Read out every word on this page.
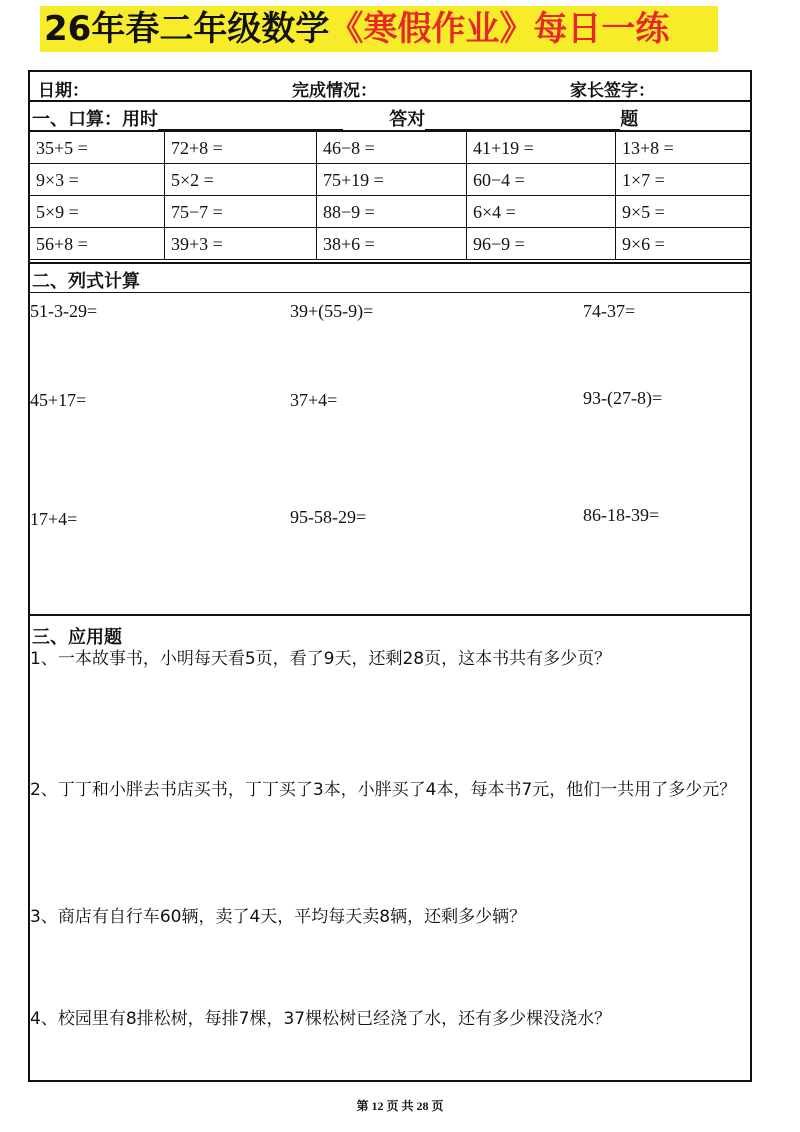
26年春二年级数学 《寒假作业》 每日一练
日期：	完成情况：	家长签字：
一、口算：用时	答对	题
35+5 =	72+8 =	46−8 =	41+19 =	13+8 =
9×3 =	5×2 =	75+19 =	60−4 =	1×7 =
5×9 =	75−7 =	88−9 =	6×4 =	9×5 =
56+8 =	39+3 =	38+6 =	96−9 =	9×6 =
二、列式计算
51-3-29=	39+(55-9)=	74-37=
45+17=	37+4=	93-(27-8)=
17+4=	95-58-29=	86-18-39=
三、应用题
1、一本故事书，小明每天看5页，看了9天，还剩28页，这本书共有多少页？
2、丁丁和小胖去书店买书，丁丁买了3本，小胖买了4本，每本书7元，他们一共用了多少元？
3、商店有自行车60辆，卖了4天，平均每天卖8辆，还剩多少辆？
4、校园里有8排松树，每排7棵，37棵松树已经浇了水，还有多少棵没浇水？
第 12 页 共 28 页
